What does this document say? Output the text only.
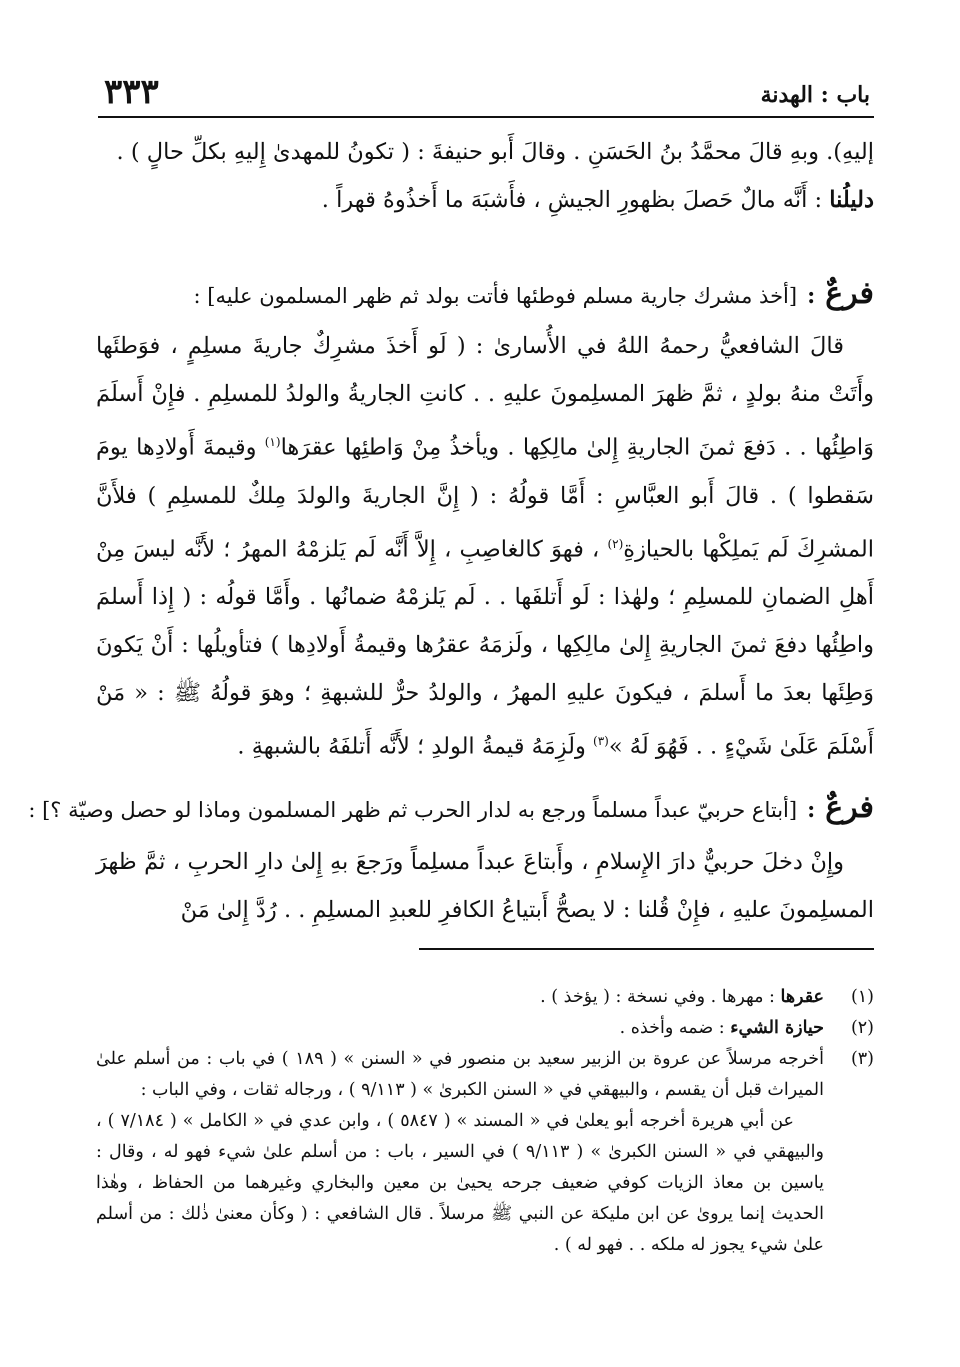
باب : الهدنة
٣٣٣

إليهِ). وبهِ قالَ محمَّدُ بنُ الحَسَنِ . وقالَ أَبو حنيفةَ : ( تكونُ للمهدىٰ إِليهِ بكلِّ حالٍ ) .

دليلُنا : أَنَّه مالٌ حَصلَ بظهورِ الجيشِ ، فأَشبَهَ ما أَخذُوهُ قهراً .

فرعٌ:[أخذ مشرك جارية مسلم فوطئها فأتت بولد ثم ظهر المسلمون عليه] :

قالَ الشافعيُّ رحمهُ اللهُ في الأُسارىٰ : ( لَو أَخذَ مشرِكٌ جاريةَ مسلِمٍ ، فوَطئَها وأَتَتْ منهُ بولدٍ ، ثمَّ ظهرَ المسلِمونَ عليهِ . . كانتِ الجاريةُ والولدُ للمسلِمِ . فإِنْ أَسلَمَ وَاطِئُها . . دَفعَ ثمنَ الجاريةِ إِلىٰ مالِكِها . ويأخذُ مِنْ وَاطئِها عقرَها$^{(١)}$ وقيمةَ أَولادِها يومَ سَقطوا ) . قالَ أَبو العبَّاسِ : أَمَّا قولُهُ : ( إِنَّ الجاريةَ والولدَ مِلكٌ للمسلِمِ ) فلأَنَّ المشرِكَ لَم يَملِكْها بالحيازةِ$^{(٢)}$ ، فهوَ كالغاصِبِ ، إِلاَّ أَنَّه لَم يَلزمْهُ المهرُ ؛ لأَنَّه ليسَ مِنْ أَهلِ الضمانِ للمسلِمِ ؛ ولهٰذا : لَو أَتلفَها . . لَم يَلزمْهُ ضمانُها . وأَمَّا قولُه : ( إِذا أَسلمَ واطِئُها دفعَ ثمنَ الجاريةِ إِلىٰ مالِكِها ، ولَزمَهُ عقرُها وقيمةُ أَولادِها ) فتأويلُها : أَنْ يَكونَ وَطِئَها بعدَ ما أَسلمَ ، فيكونَ عليهِ المهرُ ، والولدُ حرٌّ للشبهةِ ؛ وهوَ قولُهُ ﷺ : « مَنْ أَسْلَمَ عَلَىٰ شَيْءٍ . . فَهُوَ لَهُ »$^{(٣)}$ ولَزِمَهُ قيمةُ الولدِ ؛ لأَنَّه أَتلفَهُ بالشبهةِ .

فرعٌ:[أبتاع حربيّ عبداً مسلماً ورجع به لدار الحرب ثم ظهر المسلمون وماذا لو حصل وصيّة ؟] :

وإِنْ دخلَ حربيٌّ دارَ الإِسلامِ ، وأَبتاعَ عبداً مسلِماً ورَجعَ بهِ إِلىٰ دارِ الحربِ ، ثمَّ ظهرَ المسلِمونَ عليهِ ، فإِنْ قُلنا : لا يصحُّ أَبتياعُ الكافرِ للعبدِ المسلِمِ . . رُدَّ إِلىٰ مَنْ

(١)

عقرها : مهرها . وفي نسخة : ( يؤخذ ) .

(٢)

حيازة الشيء : ضمه وأخذه .

(٣)

أخرجه مرسلاً عن عروة بن الزبير سعيد بن منصور في « السنن » ( ١٨٩ ) في باب : من أسلم علىٰ الميراث قبل أن يقسم ، والبيهقي في « السنن الكبرىٰ » ( ٩/١١٣ ) ، ورجاله ثقات ، وفي الباب :

عن أبي هريرة أخرجه أبو يعلىٰ في « المسند » ( ٥٨٤٧ ) ، وابن عدي في « الكامل » ( ٧/١٨٤ ) ، والبيهقي في « السنن الكبرىٰ » ( ٩/١١٣ ) في السير ، باب : من أسلم علىٰ شيء فهو له ، وقال : ياسين بن معاذ الزيات كوفي ضعيف جرحه يحيىٰ بن معين والبخاري وغيرهما من الحفاظ ، وهٰذا الحديث إنما يروىٰ عن ابن مليكة عن النبي ﷺ مرسلاً . قال الشافعي : ( وكأن معنىٰ ذٰلك : من أسلم علىٰ شيء يجوز له ملكه . . فهو له ) .
